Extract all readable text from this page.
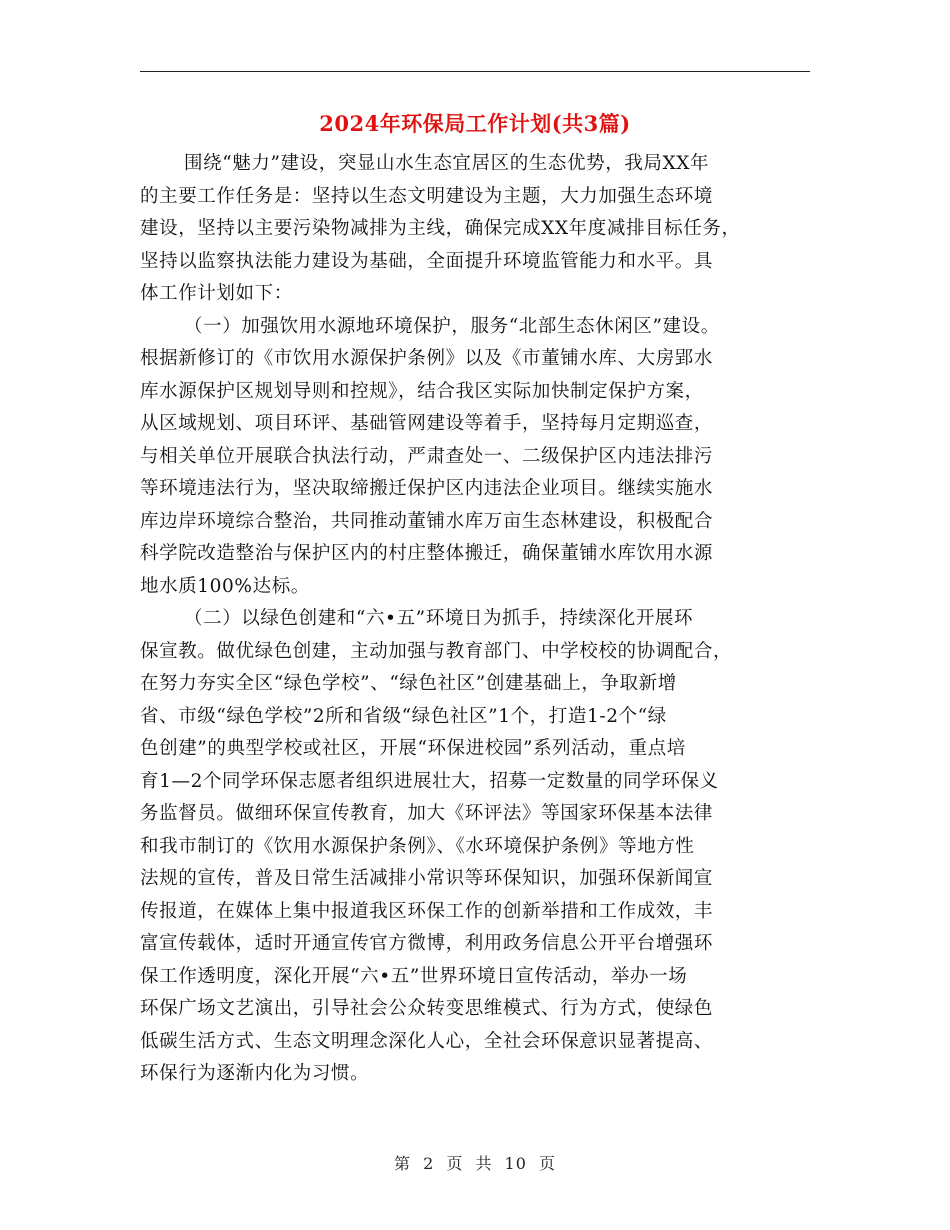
2024年环保局工作计划(共3篇)
围绕“魅力”建设，突显山水生态宜居区的生态优势，我局XX年
的主要工作任务是：坚持以生态文明建设为主题，大力加强生态环境
建设，坚持以主要污染物减排为主线，确保完成XX年度减排目标任务，
坚持以监察执法能力建设为基础，全面提升环境监管能力和水平。具
体工作计划如下：
（一）加强饮用水源地环境保护，服务“北部生态休闲区”建设。
根据新修订的《市饮用水源保护条例》以及《市董铺水库、大房郢水
库水源保护区规划导则和控规》，结合我区实际加快制定保护方案，
从区域规划、项目环评、基础管网建设等着手，坚持每月定期巡查，
与相关单位开展联合执法行动，严肃查处一、二级保护区内违法排污
等环境违法行为，坚决取缔搬迁保护区内违法企业项目。继续实施水
库边岸环境综合整治，共同推动董铺水库万亩生态林建设，积极配合
科学院改造整治与保护区内的村庄整体搬迁，确保董铺水库饮用水源
地水质100%达标。
（二）以绿色创建和“六•五”环境日为抓手，持续深化开展环
保宣教。做优绿色创建，主动加强与教育部门、中学校校的协调配合，
在努力夯实全区“绿色学校”、“绿色社区”创建基础上，争取新增
省、市级“绿色学校”2所和省级“绿色社区”1个，打造1-2个“绿
色创建”的典型学校或社区，开展“环保进校园”系列活动，重点培
育1—2个同学环保志愿者组织进展壮大，招募一定数量的同学环保义
务监督员。做细环保宣传教育，加大《环评法》等国家环保基本法律
和我市制订的《饮用水源保护条例》、《水环境保护条例》等地方性
法规的宣传，普及日常生活减排小常识等环保知识，加强环保新闻宣
传报道，在媒体上集中报道我区环保工作的创新举措和工作成效，丰
富宣传载体，适时开通宣传官方微博，利用政务信息公开平台增强环
保工作透明度，深化开展“六•五”世界环境日宣传活动，举办一场
环保广场文艺演出，引导社会公众转变思维模式、行为方式，使绿色
低碳生活方式、生态文明理念深化人心，全社会环保意识显著提高、
环保行为逐渐内化为习惯。
第 2 页 共 10 页
